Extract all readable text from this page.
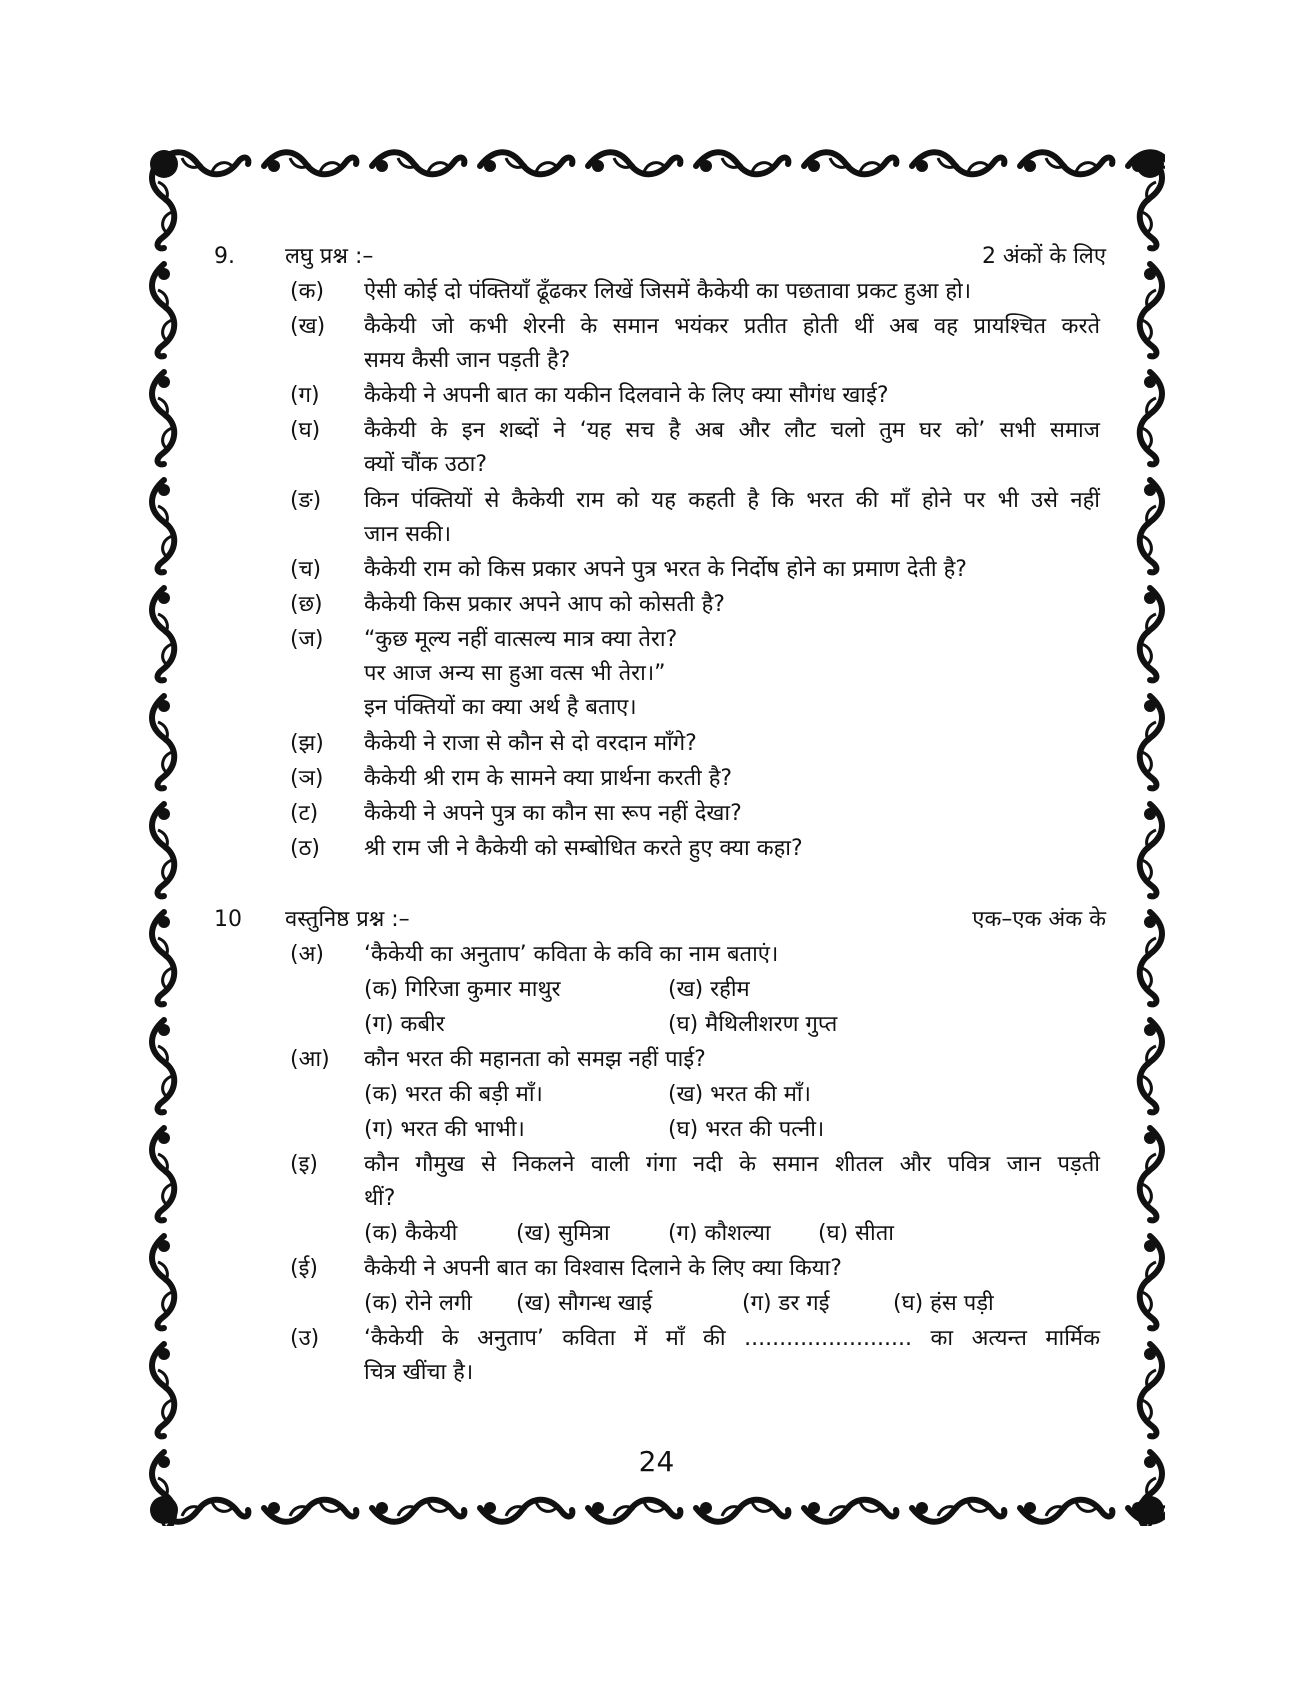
9. लघु प्रश्न :–	2 अंकों के लिए
(क) ऐसी कोई दो पंक्तियाँ ढूँढकर लिखें जिसमें कैकेयी का पछतावा प्रकट हुआ हो।
(ख) कैकेयी जो कभी शेरनी के समान भयंकर प्रतीत होती थीं अब वह प्रायश्चित करते
समय कैसी जान पड़ती है?
(ग) कैकेयी ने अपनी बात का यकीन दिलवाने के लिए क्या सौगंध खाई?
(घ) कैकेयी के इन शब्दों ने ‘यह सच है अब और लौट चलो तुम घर को’ सभी समाज
क्यों चौंक उठा?
(ङ) किन पंक्तियों से कैकेयी राम को यह कहती है कि भरत की माँ होने पर भी उसे नहीं
जान सकी।
(च) कैकेयी राम को किस प्रकार अपने पुत्र भरत के निर्दोष होने का प्रमाण देती है?
(छ) कैकेयी किस प्रकार अपने आप को कोसती है?
(ज) “कुछ मूल्य नहीं वात्सल्य मात्र क्या तेरा?
पर आज अन्य सा हुआ वत्स भी तेरा।”
इन पंक्तियों का क्या अर्थ है बताए।
(झ) कैकेयी ने राजा से कौन से दो वरदान माँगे?
(ञ) कैकेयी श्री राम के सामने क्या प्रार्थना करती है?
(ट) कैकेयी ने अपने पुत्र का कौन सा रूप नहीं देखा?
(ठ) श्री राम जी ने कैकेयी को सम्बोधित करते हुए क्या कहा?
10 वस्तुनिष्ठ प्रश्न :–	एक–एक अंक के
(अ) ‘कैकेयी का अनुताप’ कविता के कवि का नाम बताएं।
(क) गिरिजा कुमार माथुर	(ख) रहीम
(ग) कबीर	(घ) मैथिलीशरण गुप्त
(आ) कौन भरत की महानता को समझ नहीं पाई?
(क) भरत की बड़ी माँ।	(ख) भरत की माँ।
(ग) भरत की भाभी।	(घ) भरत की पत्नी।
(इ) कौन गौमुख से निकलने वाली गंगा नदी के समान शीतल और पवित्र जान पड़ती
थीं?
(क) कैकेयी	(ख) सुमित्रा	(ग) कौशल्या (घ) सीता
(ई) कैकेयी ने अपनी बात का विश्वास दिलाने के लिए क्या किया?
(क) रोने लगी (ख) सौगन्ध खाई	(ग) डर गई	(घ) हंस पड़ी
(उ) ‘कैकेयी के अनुताप’ कविता में माँ की ........................ का अत्यन्त मार्मिक
चित्र खींचा है।
24
